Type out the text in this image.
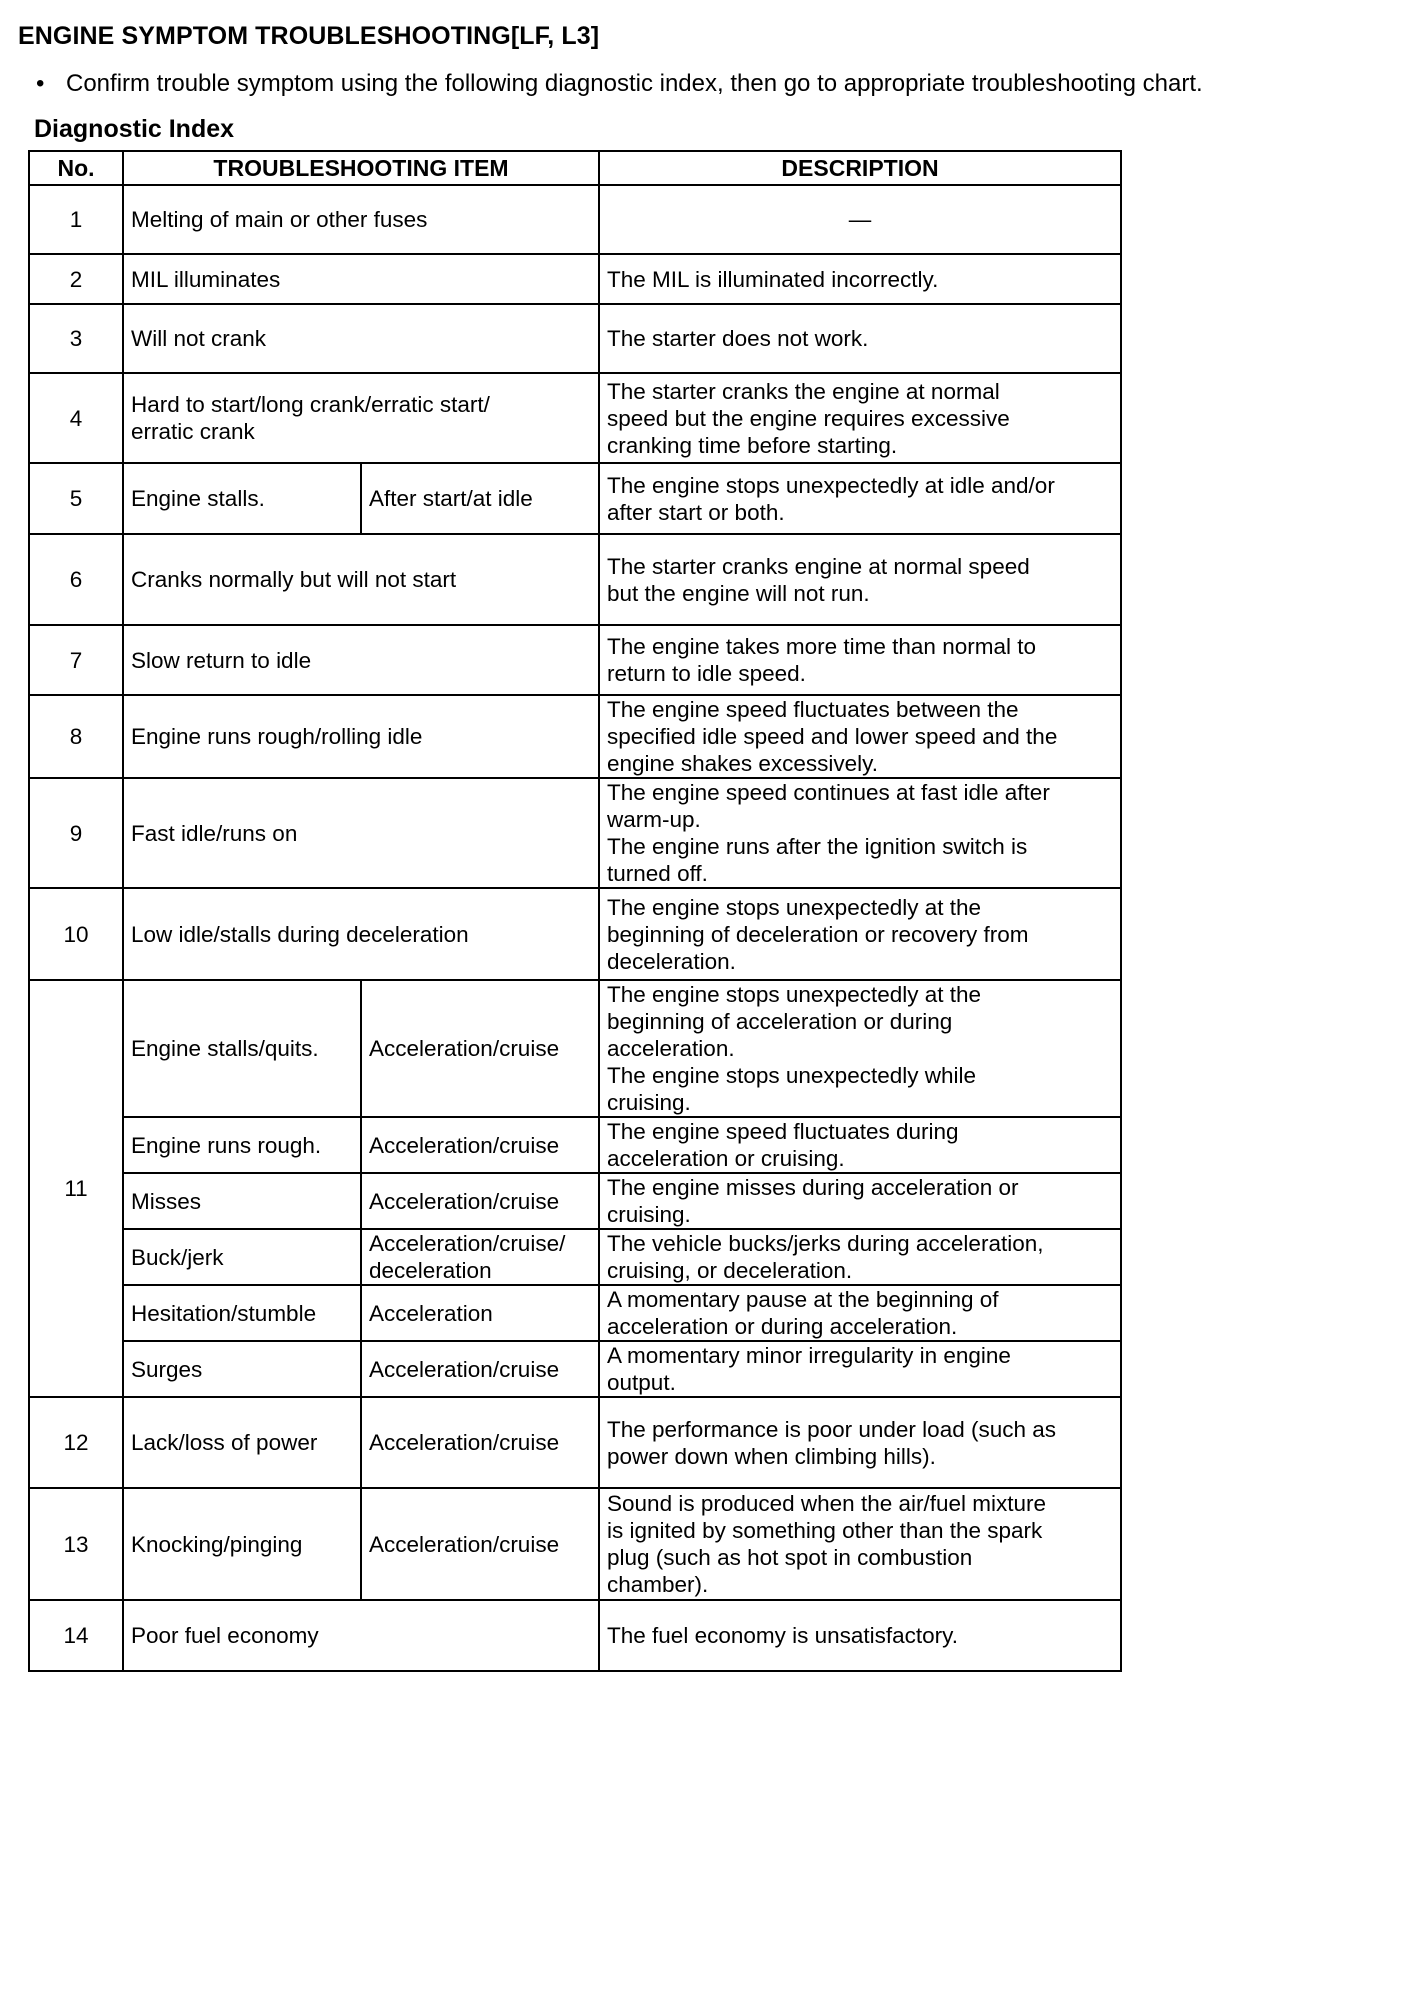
ENGINE SYMPTOM TROUBLESHOOTING[LF, L3]
• Confirm trouble symptom using the following diagnostic index, then go to appropriate troubleshooting chart.
Diagnostic Index
No.	TROUBLESHOOTING ITEM		DESCRIPTION
1	Melting of main or other fuses		—
2	MIL illuminates		The MIL is illuminated incorrectly.
3	Will not crank		The starter does not work.
4	Hard to start/long crank/erratic start/
erratic crank		The starter cranks the engine at normal
speed but the engine requires excessive
cranking time before starting.
5	Engine stalls.	After start/at idle	The engine stops unexpectedly at idle and/or
after start or both.
6	Cranks normally but will not start		The starter cranks engine at normal speed
but the engine will not run.
7	Slow return to idle		The engine takes more time than normal to
return to idle speed.
8	Engine runs rough/rolling idle		The engine speed fluctuates between the
specified idle speed and lower speed and the
engine shakes excessively.
9	Fast idle/runs on		The engine speed continues at fast idle after
warm-up.
The engine runs after the ignition switch is
turned off.
10	Low idle/stalls during deceleration		The engine stops unexpectedly at the
beginning of deceleration or recovery from
deceleration.
11	Engine stalls/quits.	Acceleration/cruise	The engine stops unexpectedly at the
beginning of acceleration or during
acceleration.
The engine stops unexpectedly while
cruising.
	Engine runs rough.	Acceleration/cruise	The engine speed fluctuates during
acceleration or cruising.
	Misses	Acceleration/cruise	The engine misses during acceleration or
cruising.
	Buck/jerk	Acceleration/cruise/
deceleration	The vehicle bucks/jerks during acceleration,
cruising, or deceleration.
	Hesitation/stumble	Acceleration	A momentary pause at the beginning of
acceleration or during acceleration.
	Surges	Acceleration/cruise	A momentary minor irregularity in engine
output.
12	Lack/loss of power	Acceleration/cruise	The performance is poor under load (such as
power down when climbing hills).
13	Knocking/pinging	Acceleration/cruise	Sound is produced when the air/fuel mixture
is ignited by something other than the spark
plug (such as hot spot in combustion
chamber).
14	Poor fuel economy		The fuel economy is unsatisfactory.
